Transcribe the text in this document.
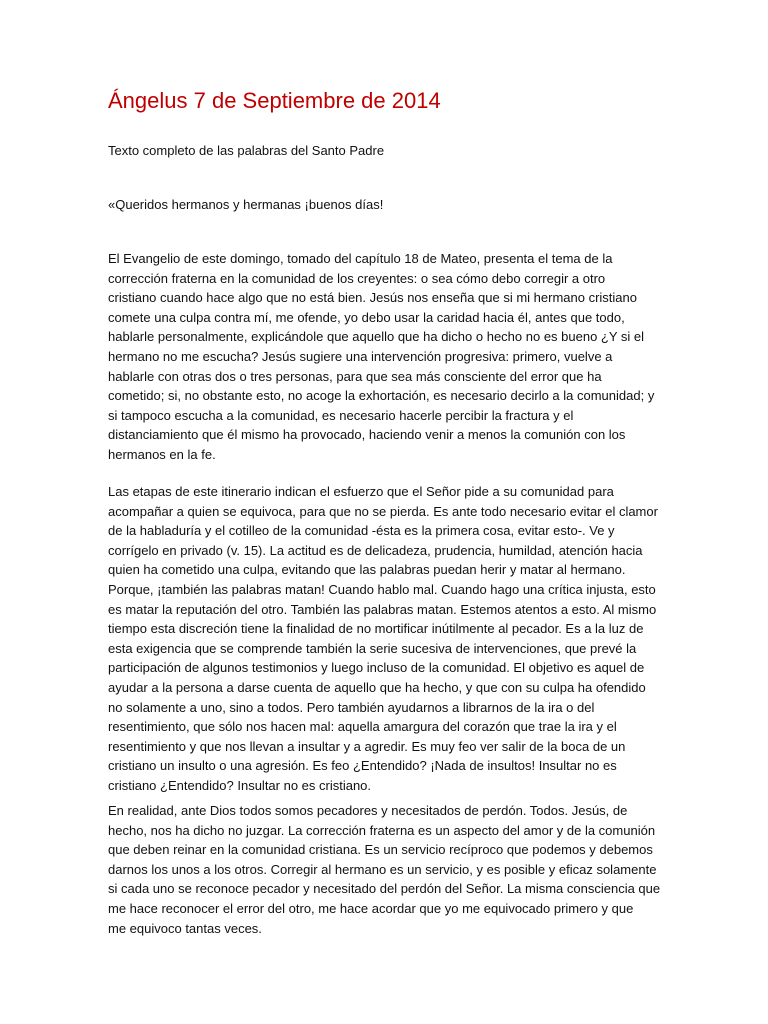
Ángelus 7 de Septiembre de 2014

Texto completo de las palabras del Santo Padre

«Queridos hermanos y hermanas ¡buenos días!

El Evangelio de este domingo, tomado del capítulo 18 de Mateo, presenta el tema de la
corrección fraterna en la comunidad de los creyentes: o sea cómo debo corregir a otro
cristiano cuando hace algo que no está bien. Jesús nos enseña que si mi hermano cristiano
comete una culpa contra mí, me ofende, yo debo usar la caridad hacia él, antes que todo,
hablarle personalmente, explicándole que aquello que ha dicho o hecho no es bueno ¿Y si el
hermano no me escucha? Jesús sugiere una intervención progresiva: primero, vuelve a
hablarle con otras dos o tres personas, para que sea más consciente del error que ha
cometido; si, no obstante esto, no acoge la exhortación, es necesario decirlo a la comunidad; y
si tampoco escucha a la comunidad, es necesario hacerle percibir la fractura y el
distanciamiento que él mismo ha provocado, haciendo venir a menos la comunión con los
hermanos en la fe.
Las etapas de este itinerario indican el esfuerzo que el Señor pide a su comunidad para
acompañar a quien se equivoca, para que no se pierda. Es ante todo necesario evitar el clamor
de la habladuría y el cotilleo de la comunidad -ésta es la primera cosa, evitar esto-. Ve y
corrígelo en privado (v. 15). La actitud es de delicadeza, prudencia, humildad, atención hacia
quien ha cometido una culpa, evitando que las palabras puedan herir y matar al hermano.
Porque, ¡también las palabras matan! Cuando hablo mal. Cuando hago una crítica injusta, esto
es matar la reputación del otro. También las palabras matan. Estemos atentos a esto. Al mismo
tiempo esta discreción tiene la finalidad de no mortificar inútilmente al pecador. Es a la luz de
esta exigencia que se comprende también la serie sucesiva de intervenciones, que prevé la
participación de algunos testimonios y luego incluso de la comunidad. El objetivo es aquel de
ayudar a la persona a darse cuenta de aquello que ha hecho, y que con su culpa ha ofendido
no solamente a uno, sino a todos. Pero también ayudarnos a librarnos de la ira o del
resentimiento, que sólo nos hacen mal: aquella amargura del corazón que trae la ira y el
resentimiento y que nos llevan a insultar y a agredir. Es muy feo ver salir de la boca de un
cristiano un insulto o una agresión. Es feo ¿Entendido? ¡Nada de insultos! Insultar no es
cristiano ¿Entendido? Insultar no es cristiano.
En realidad, ante Dios todos somos pecadores y necesitados de perdón. Todos. Jesús, de
hecho, nos ha dicho no juzgar. La corrección fraterna es un aspecto del amor y de la comunión
que deben reinar en la comunidad cristiana. Es un servicio recíproco que podemos y debemos
darnos los unos a los otros. Corregir al hermano es un servicio, y es posible y eficaz solamente
si cada uno se reconoce pecador y necesitado del perdón del Señor. La misma consciencia que
me hace reconocer el error del otro, me hace acordar que yo me equivocado primero y que
me equivoco tantas veces.
